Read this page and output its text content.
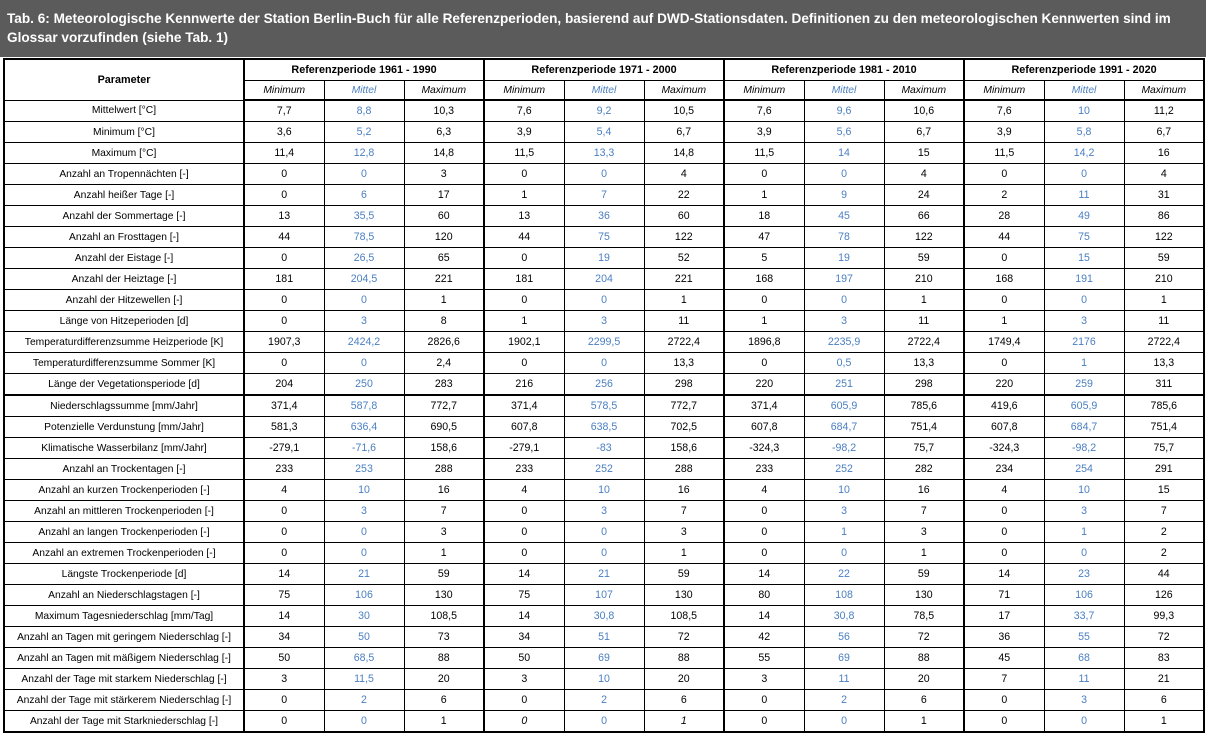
Tab. 6: Meteorologische Kennwerte der Station Berlin-Buch für alle Referenzperioden, basierend auf DWD-Stationsdaten. Definitionen zu den meteorologischen Kennwerten sind im Glossar vorzufinden (siehe Tab. 1)
Parameter	Referenzperiode 1961 - 1990			Referenzperiode 1971 - 2000			Referenzperiode 1981 - 2010			Referenzperiode 1991 - 2020		
	Minimum	Mittel	Maximum	Minimum	Mittel	Maximum	Minimum	Mittel	Maximum	Minimum	Mittel	Maximum
Mittelwert [°C]	7,7	8,8	10,3	7,6	9,2	10,5	7,6	9,6	10,6	7,6	10	11,2
Minimum [°C]	3,6	5,2	6,3	3,9	5,4	6,7	3,9	5,6	6,7	3,9	5,8	6,7
Maximum [°C]	11,4	12,8	14,8	11,5	13,3	14,8	11,5	14	15	11,5	14,2	16
Anzahl an Tropennächten [-]	0	0	3	0	0	4	0	0	4	0	0	4
Anzahl heißer Tage [-]	0	6	17	1	7	22	1	9	24	2	11	31
Anzahl der Sommertage [-]	13	35,5	60	13	36	60	18	45	66	28	49	86
Anzahl an Frosttagen [-]	44	78,5	120	44	75	122	47	78	122	44	75	122
Anzahl der Eistage [-]	0	26,5	65	0	19	52	5	19	59	0	15	59
Anzahl der Heiztage [-]	181	204,5	221	181	204	221	168	197	210	168	191	210
Anzahl der Hitzewellen [-]	0	0	1	0	0	1	0	0	1	0	0	1
Länge von Hitzeperioden [d]	0	3	8	1	3	11	1	3	11	1	3	11
Temperaturdifferenzsumme Heizperiode [K]	1907,3	2424,2	2826,6	1902,1	2299,5	2722,4	1896,8	2235,9	2722,4	1749,4	2176	2722,4
Temperaturdifferenzsumme Sommer [K]	0	0	2,4	0	0	13,3	0	0,5	13,3	0	1	13,3
Länge der Vegetationsperiode [d]	204	250	283	216	256	298	220	251	298	220	259	311
Niederschlagssumme [mm/Jahr]	371,4	587,8	772,7	371,4	578,5	772,7	371,4	605,9	785,6	419,6	605,9	785,6
Potenzielle Verdunstung [mm/Jahr]	581,3	636,4	690,5	607,8	638,5	702,5	607,8	684,7	751,4	607,8	684,7	751,4
Klimatische Wasserbilanz [mm/Jahr]	-279,1	-71,6	158,6	-279,1	-83	158,6	-324,3	-98,2	75,7	-324,3	-98,2	75,7
Anzahl an Trockentagen [-]	233	253	288	233	252	288	233	252	282	234	254	291
Anzahl an kurzen Trockenperioden [-]	4	10	16	4	10	16	4	10	16	4	10	15
Anzahl an mittleren Trockenperioden [-]	0	3	7	0	3	7	0	3	7	0	3	7
Anzahl an langen Trockenperioden [-]	0	0	3	0	0	3	0	1	3	0	1	2
Anzahl an extremen Trockenperioden [-]	0	0	1	0	0	1	0	0	1	0	0	2
Längste Trockenperiode [d]	14	21	59	14	21	59	14	22	59	14	23	44
Anzahl an Niederschlagstagen [-]	75	106	130	75	107	130	80	108	130	71	106	126
Maximum Tagesniederschlag [mm/Tag]	14	30	108,5	14	30,8	108,5	14	30,8	78,5	17	33,7	99,3
Anzahl an Tagen mit geringem Niederschlag [-]	34	50	73	34	51	72	42	56	72	36	55	72
Anzahl an Tagen mit mäßigem Niederschlag [-]	50	68,5	88	50	69	88	55	69	88	45	68	83
Anzahl der Tage mit starkem Niederschlag [-]	3	11,5	20	3	10	20	3	11	20	7	11	21
Anzahl der Tage mit stärkerem Niederschlag [-]	0	2	6	0	2	6	0	2	6	0	3	6
Anzahl der Tage mit Starkniederschlag [-]	0	0	1	0	0	1	0	0	1	0	0	1
